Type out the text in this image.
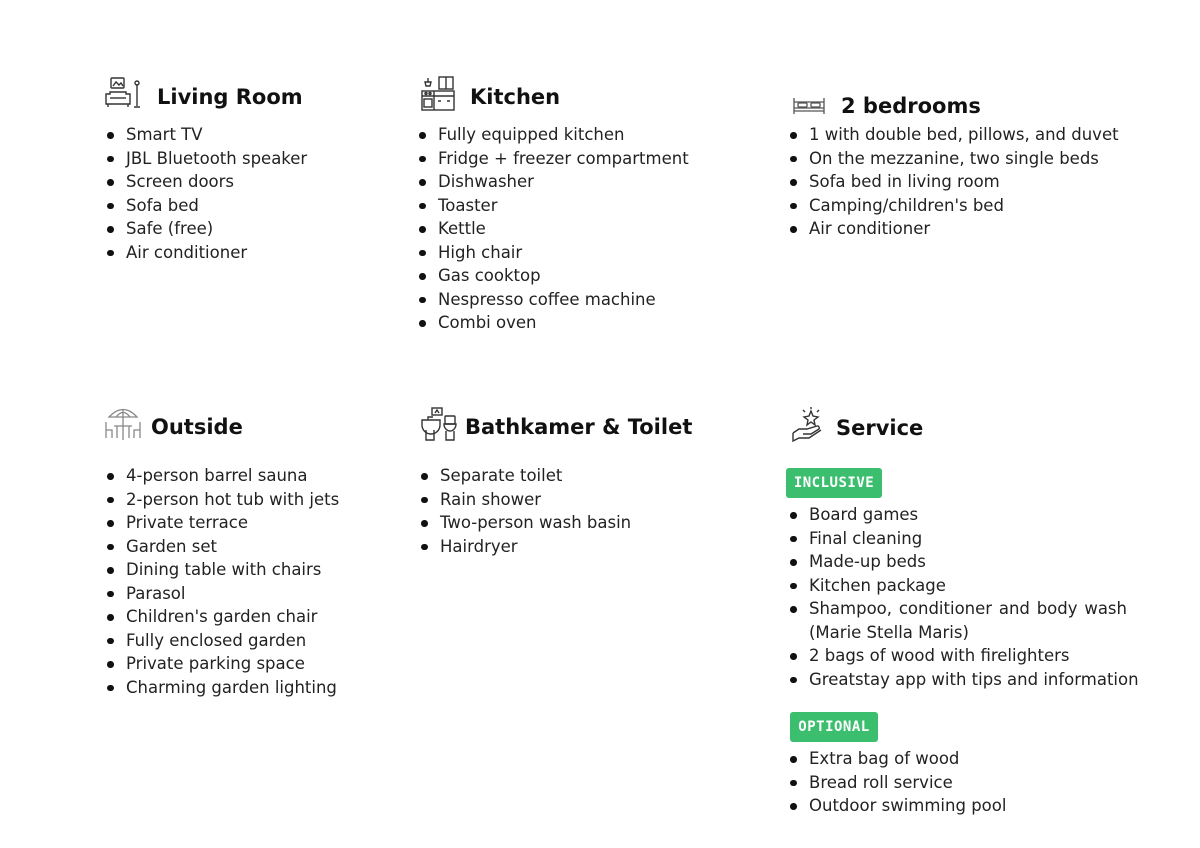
Living Room
Smart TV
JBL Bluetooth speaker
Screen doors
Sofa bed
Safe (free)
Air conditioner
Kitchen
Fully equipped kitchen
Fridge + freezer compartment
Dishwasher
Toaster
Kettle
High chair
Gas cooktop
Nespresso coffee machine
Combi oven
2 bedrooms
1 with double bed, pillows, and duvet
On the mezzanine, two single beds
Sofa bed in living room
Camping/children's bed
Air conditioner
Outside
4-person barrel sauna
2-person hot tub with jets
Private terrace
Garden set
Dining table with chairs
Parasol
Children's garden chair
Fully enclosed garden
Private parking space
Charming garden lighting
Bathkamer & Toilet
Separate toilet
Rain shower
Two-person wash basin
Hairdryer
Service
INCLUSIVE
Board games
Final cleaning
Made-up beds
Kitchen package
Shampoo, conditioner and body wash (Marie Stella Maris)
2 bags of wood with firelighters
Greatstay app with tips and information
OPTIONAL
Extra bag of wood
Bread roll service
Outdoor swimming pool
